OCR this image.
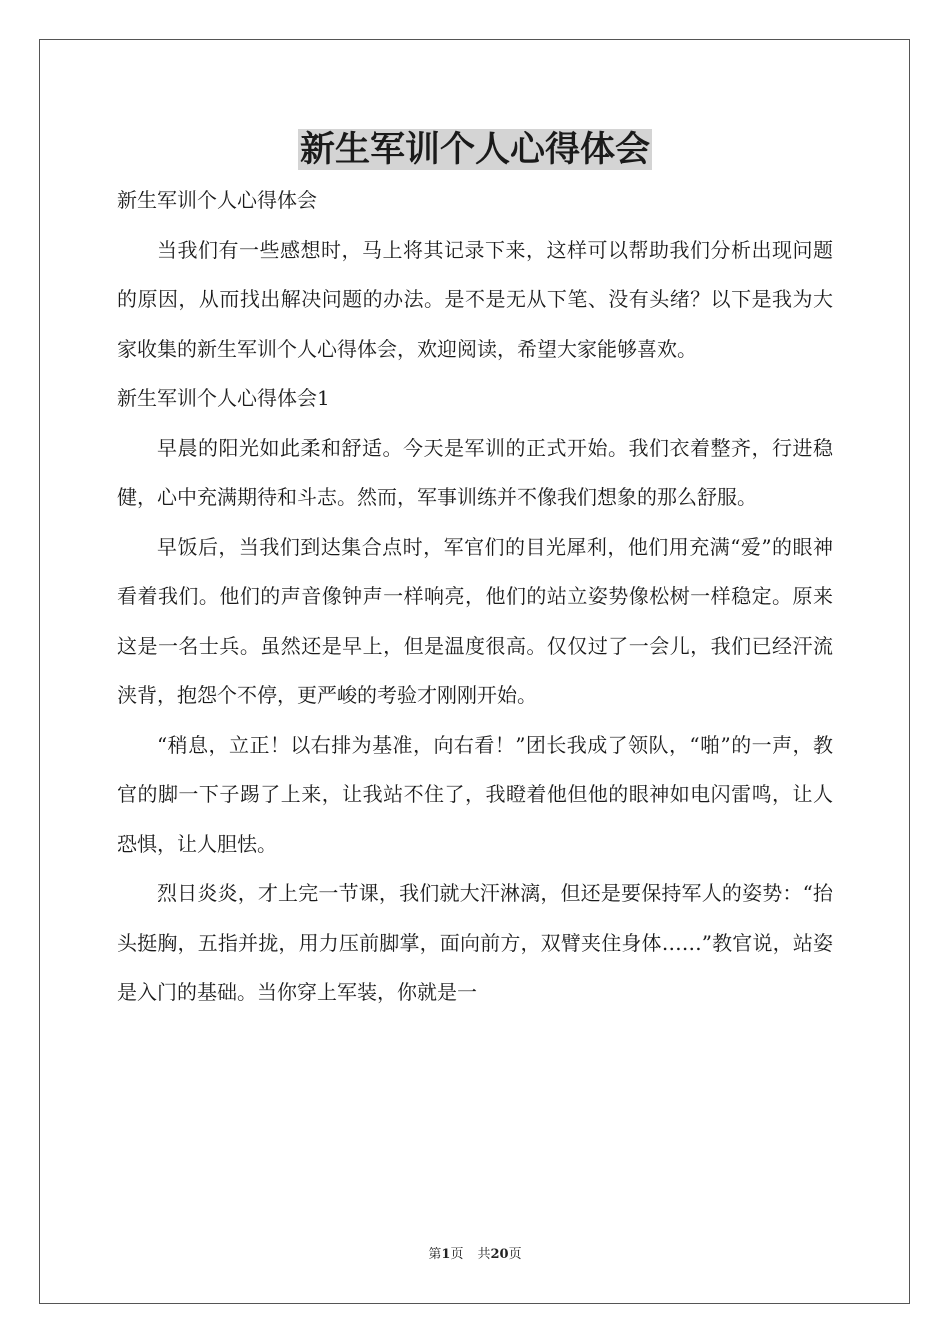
新生军训个人心得体会

新生军训个人心得体会

当我们有一些感想时，马上将其记录下来，这样可以帮助我们分析出现问题的原因，从而找出解决问题的办法。是不是无从下笔、没有头绪？以下是我为大家收集的新生军训个人心得体会，欢迎阅读，希望大家能够喜欢。

新生军训个人心得体会1

早晨的阳光如此柔和舒适。今天是军训的正式开始。我们衣着整齐，行进稳健，心中充满期待和斗志。然而，军事训练并不像我们想象的那么舒服。

早饭后，当我们到达集合点时，军官们的目光犀利，他们用充满“爱”的眼神看着我们。他们的声音像钟声一样响亮，他们的站立姿势像松树一样稳定。原来这是一名士兵。虽然还是早上，但是温度很高。仅仅过了一会儿，我们已经汗流浃背，抱怨个不停，更严峻的考验才刚刚开始。

“稍息，立正！以右排为基准，向右看！”团长我成了领队，“啪”的一声，教官的脚一下子踢了上来，让我站不住了，我瞪着他但他的眼神如电闪雷鸣，让人恐惧，让人胆怯。

烈日炎炎，才上完一节课，我们就大汗淋漓，但还是要保持军人的姿势：“抬头挺胸，五指并拢，用力压前脚掌，面向前方，双臂夹住身体……”教官说，站姿是入门的基础。当你穿上军装，你就是一

第1页 共20页
